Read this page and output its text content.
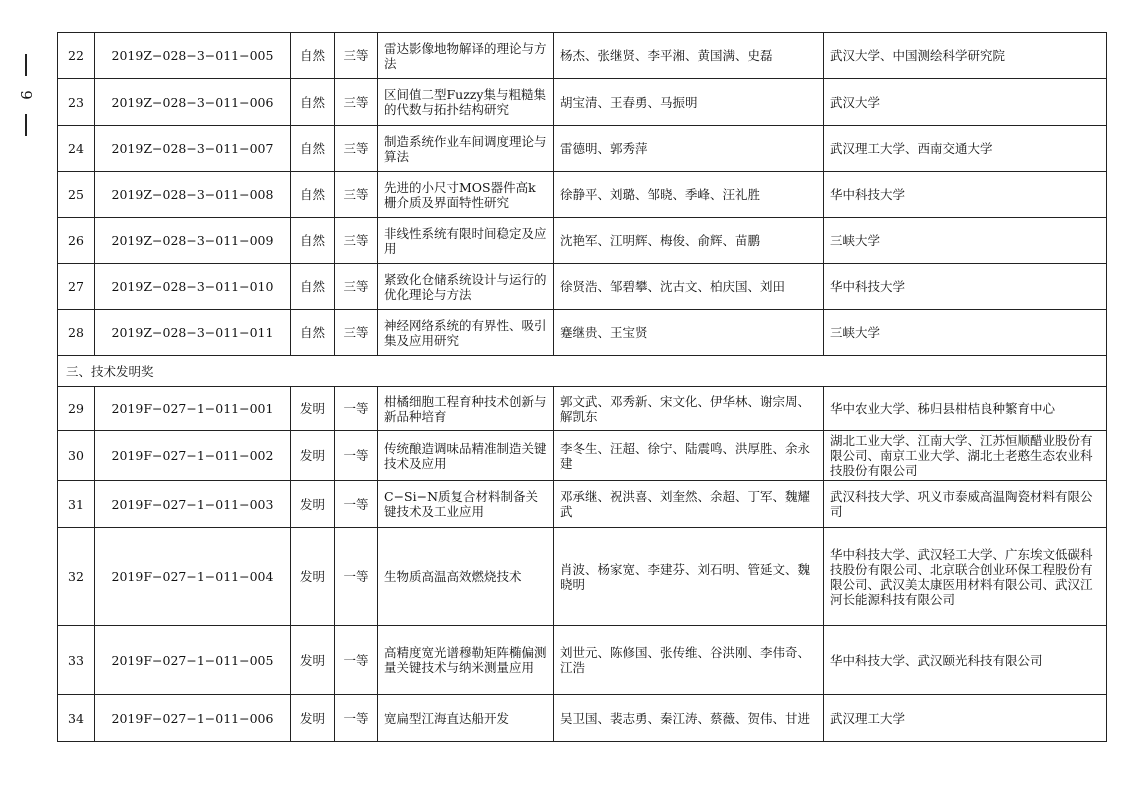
9
22	2019Z−028−3−011−005	自然	三等	雷达影像地物解译的理论与方法	杨杰、张继贤、李平湘、黄国满、史磊	武汉大学、中国测绘科学研究院
23	2019Z−028−3−011−006	自然	三等	区间值二型Fuzzy集与粗糙集的代数与拓扑结构研究	胡宝清、王春勇、马振明	武汉大学
24	2019Z−028−3−011−007	自然	三等	制造系统作业车间调度理论与算法	雷德明、郭秀萍	武汉理工大学、西南交通大学
25	2019Z−028−3−011−008	自然	三等	先进的小尺寸MOS器件高k栅介质及界面特性研究	徐静平、刘璐、邹晓、季峰、汪礼胜	华中科技大学
26	2019Z−028−3−011−009	自然	三等	非线性系统有限时间稳定及应用	沈艳军、江明辉、梅俊、俞辉、苗鹏	三峡大学
27	2019Z−028−3−011−010	自然	三等	紧致化仓储系统设计与运行的优化理论与方法	徐贤浩、邹碧攀、沈古文、柏庆国、刘田	华中科技大学
28	2019Z−028−3−011−011	自然	三等	神经网络系统的有界性、吸引集及应用研究	蹇继贵、王宝贤	三峡大学
三、技术发明奖						
29	2019F−027−1−011−001	发明	一等	柑橘细胞工程育种技术创新与新品种培育	郭文武、邓秀新、宋文化、伊华林、谢宗周、解凯东	华中农业大学、秭归县柑桔良种繁育中心
30	2019F−027−1−011−002	发明	一等	传统酿造调味品精准制造关键技术及应用	李冬生、汪超、徐宁、陆震鸣、洪厚胜、余永建	湖北工业大学、江南大学、江苏恒顺醋业股份有限公司、南京工业大学、湖北土老憨生态农业科技股份有限公司
31	2019F−027−1−011−003	发明	一等	C−Si−N质复合材料制备关键技术及工业应用	邓承继、祝洪喜、刘奎然、余超、丁军、魏耀武	武汉科技大学、巩义市泰威高温陶瓷材料有限公司
32	2019F−027−1−011−004	发明	一等	生物质高温高效燃烧技术	肖波、杨家宽、李建芬、刘石明、管延文、魏晓明	华中科技大学、武汉轻工大学、广东埃文低碳科技股份有限公司、北京联合创业环保工程股份有限公司、武汉美太康医用材料有限公司、武汉江河长能源科技有限公司
33	2019F−027−1−011−005	发明	一等	高精度宽光谱穆勒矩阵椭偏测量关键技术与纳米测量应用	刘世元、陈修国、张传维、谷洪刚、李伟奇、江浩	华中科技大学、武汉颐光科技有限公司
34	2019F−027−1−011−006	发明	一等	宽扁型江海直达船开发	吴卫国、裴志勇、秦江涛、蔡薇、贺伟、甘进	武汉理工大学
